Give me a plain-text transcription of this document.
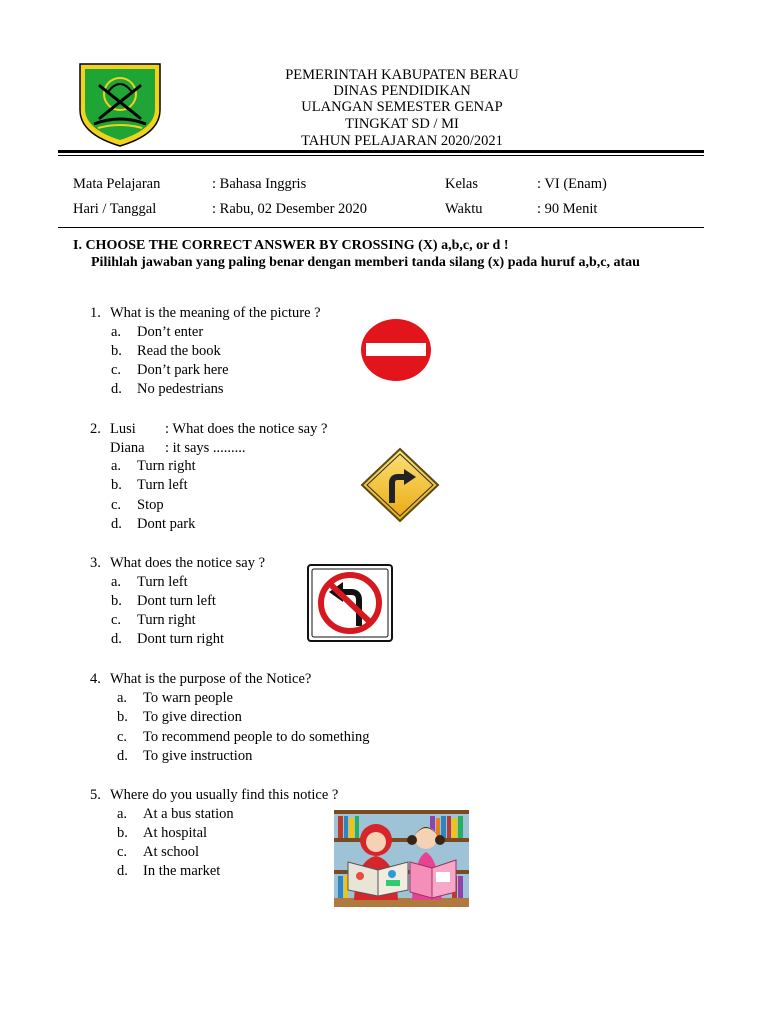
PEMERINTAH KABUPATEN BERAU
DINAS PENDIDIKAN
ULANGAN SEMESTER GENAP
TINGKAT SD / MI
TAHUN PELAJARAN 2020/2021
Mata Pelajaran	: Bahasa Inggris	Kelas	: VI (Enam)
Hari / Tanggal	: Rabu, 02 Desember 2020	Waktu	: 90 Menit
I. CHOOSE THE CORRECT ANSWER BY CROSSING (X) a,b,c, or d !
Pilihlah jawaban yang paling benar dengan memberi tanda silang (x) pada huruf a,b,c, atau
1. What is the meaning of the picture ?
a. Don’t enter
b. Read the book
c. Don’t park here
d. No pedestrians
2. Lusi : What does the notice say ?
Diana : it says .........
a. Turn right
b. Turn left
c. Stop
d. Dont park
3. What does the notice say ?
a. Turn left
b. Dont turn left
c. Turn right
d. Dont turn right
4. What is the purpose of the Notice?
a. To warn people
b. To give direction
c. To recommend people to do something
d. To give instruction
5. Where do you usually find this notice ?
a. At a bus station
b. At hospital
c. At school
d. In the market
